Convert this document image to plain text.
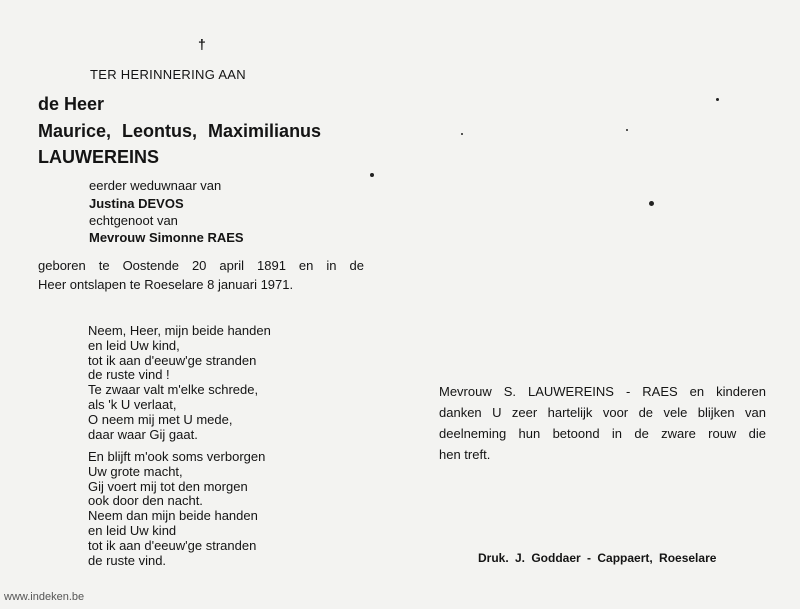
†
TER HERINNERING AAN
de Heer
Maurice, Leontus, Maximilianus
LAUWEREINS
eerder weduwnaar van
Justina DEVOS
echtgenoot van
Mevrouw Simonne RAES
geboren te Oostende 20 april 1891 en in de
Heer ontslapen te Roeselare 8 januari 1971.
Neem, Heer, mijn beide handen
en leid Uw kind,
tot ik aan d'eeuw'ge stranden
de ruste vind !
Te zwaar valt m'elke schrede,
als 'k U verlaat,
O neem mij met U mede,
daar waar Gij gaat.
En blijft m'ook soms verborgen
Uw grote macht,
Gij voert mij tot den morgen
ook door den nacht.
Neem dan mijn beide handen
en leid Uw kind
tot ik aan d'eeuw'ge stranden
de ruste vind.
Mevrouw S. LAUWEREINS - RAES en kinderen
danken U zeer hartelijk voor de vele blijken van
deelneming hun betoond in de zware rouw die
hen treft.
Druk. J. Goddaer - Cappaert, Roeselare
www.indeken.be
